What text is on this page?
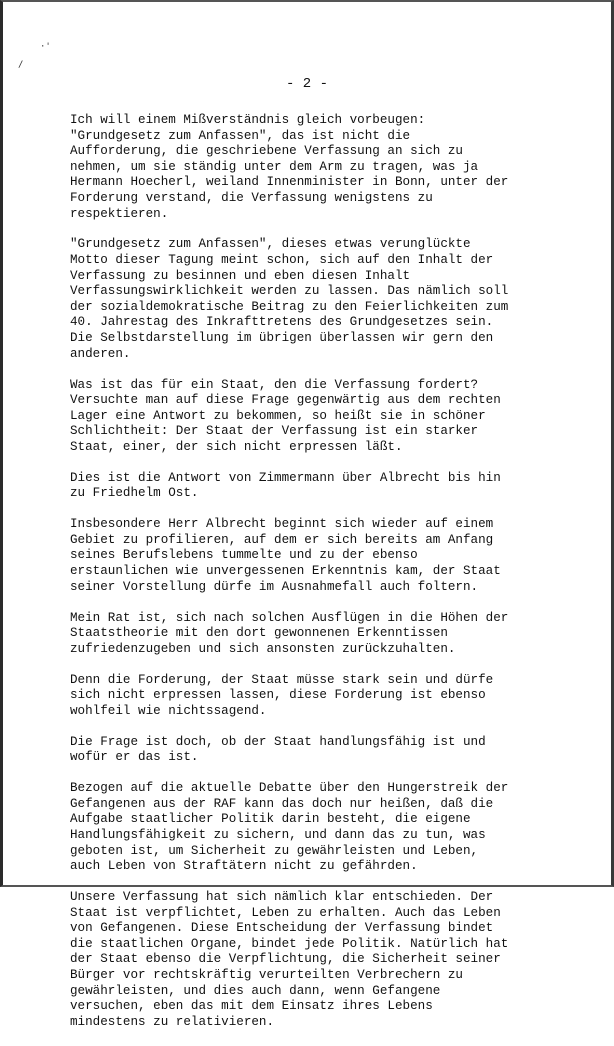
·'
/
- 2 -

Ich will einem Mißverständnis gleich vorbeugen:
"Grundgesetz zum Anfassen", das ist nicht die
Aufforderung, die geschriebene Verfassung an sich zu
nehmen, um sie ständig unter dem Arm zu tragen, was ja
Hermann Hoecherl, weiland Innenminister in Bonn, unter der
Forderung verstand, die Verfassung wenigstens zu
respektieren.

"Grundgesetz zum Anfassen", dieses etwas verunglückte
Motto dieser Tagung meint schon, sich auf den Inhalt der
Verfassung zu besinnen und eben diesen Inhalt
Verfassungswirklichkeit werden zu lassen. Das nämlich soll
der sozialdemokratische Beitrag zu den Feierlichkeiten zum
40. Jahrestag des Inkrafttretens des Grundgesetzes sein.
Die Selbstdarstellung im übrigen überlassen wir gern den
anderen.

Was ist das für ein Staat, den die Verfassung fordert?
Versuchte man auf diese Frage gegenwärtig aus dem rechten
Lager eine Antwort zu bekommen, so heißt sie in schöner
Schlichtheit: Der Staat der Verfassung ist ein starker
Staat, einer, der sich nicht erpressen läßt.

Dies ist die Antwort von Zimmermann über Albrecht bis hin
zu Friedhelm Ost.

Insbesondere Herr Albrecht beginnt sich wieder auf einem
Gebiet zu profilieren, auf dem er sich bereits am Anfang
seines Berufslebens tummelte und zu der ebenso
erstaunlichen wie unvergessenen Erkenntnis kam, der Staat
seiner Vorstellung dürfe im Ausnahmefall auch foltern.

Mein Rat ist, sich nach solchen Ausflügen in die Höhen der
Staatstheorie mit den dort gewonnenen Erkenntissen
zufriedenzugeben und sich ansonsten zurückzuhalten.

Denn die Forderung, der Staat müsse stark sein und dürfe
sich nicht erpressen lassen, diese Forderung ist ebenso
wohlfeil wie nichtssagend.

Die Frage ist doch, ob der Staat handlungsfähig ist und
wofür er das ist.

Bezogen auf die aktuelle Debatte über den Hungerstreik der
Gefangenen aus der RAF kann das doch nur heißen, daß die
Aufgabe staatlicher Politik darin besteht, die eigene
Handlungsfähigkeit zu sichern, und dann das zu tun, was
geboten ist, um Sicherheit zu gewährleisten und Leben,
auch Leben von Straftätern nicht zu gefährden.

Unsere Verfassung hat sich nämlich klar entschieden. Der
Staat ist verpflichtet, Leben zu erhalten. Auch das Leben
von Gefangenen. Diese Entscheidung der Verfassung bindet
die staatlichen Organe, bindet jede Politik. Natürlich hat
der Staat ebenso die Verpflichtung, die Sicherheit seiner
Bürger vor rechtskräftig verurteilten Verbrechern zu
gewährleisten, und dies auch dann, wenn Gefangene
versuchen, eben das mit dem Einsatz ihres Lebens
mindestens zu relativieren.
